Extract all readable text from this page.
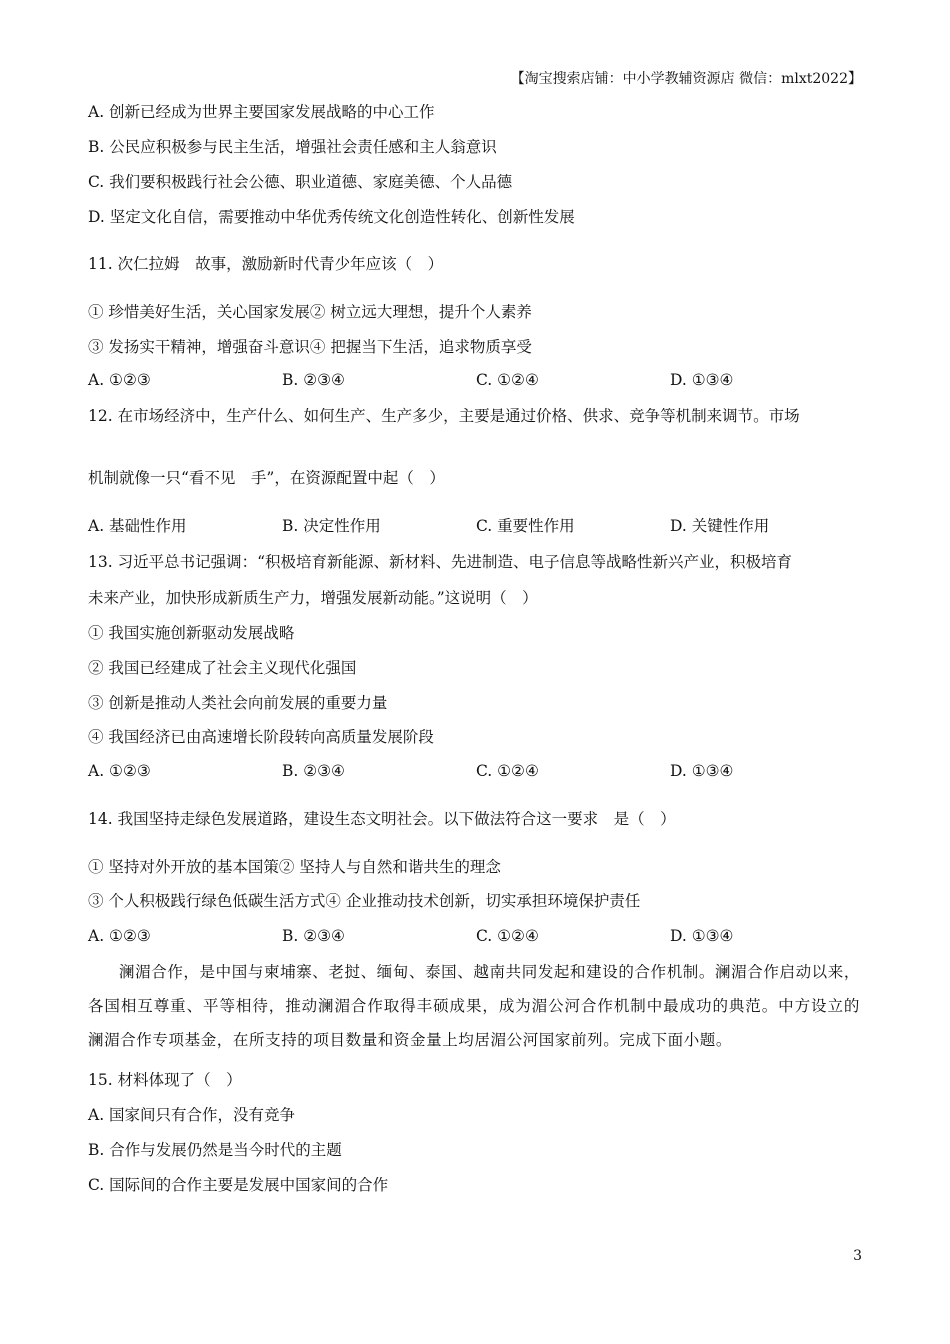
【淘宝搜索店铺：中小学教辅资源店 微信：mlxt2022】
A. 创新已经成为世界主要国家发展战略的中心工作
B. 公民应积极参与民主生活，增强社会责任感和主人翁意识
C. 我们要积极践行社会公德、职业道德、家庭美德、个人品德
D. 坚定文化自信，需要推动中华优秀传统文化创造性转化、创新性发展
11. 次仁拉姆　故事，激励新时代青少年应该（　）
① 珍惜美好生活，关心国家发展② 树立远大理想，提升个人素养
③ 发扬实干精神，增强奋斗意识④ 把握当下生活，追求物质享受
A. ①②③	B. ②③④	C. ①②④	D. ①③④
12. 在市场经济中，生产什么、如何生产、生产多少，主要是通过价格、供求、竞争等机制来调节。市场
机制就像一只“看不见　手”，在资源配置中起（　）
A. 基础性作用	B. 决定性作用	C. 重要性作用	D. 关键性作用
13. 习近平总书记强调：“积极培育新能源、新材料、先进制造、电子信息等战略性新兴产业，积极培育
未来产业，加快形成新质生产力，增强发展新动能。”这说明（　）
① 我国实施创新驱动发展战略
② 我国已经建成了社会主义现代化强国
③ 创新是推动人类社会向前发展的重要力量
④ 我国经济已由高速增长阶段转向高质量发展阶段
A. ①②③	B. ②③④	C. ①②④	D. ①③④
14. 我国坚持走绿色发展道路，建设生态文明社会。以下做法符合这一要求　是（　）
① 坚持对外开放的基本国策② 坚持人与自然和谐共生的理念
③ 个人积极践行绿色低碳生活方式④ 企业推动技术创新，切实承担环境保护责任
A. ①②③	B. ②③④	C. ①②④	D. ①③④

澜湄合作，是中国与柬埔寨、老挝、缅甸、泰国、越南共同发起和建设的合作机制。澜湄合作启动以来，各国相互尊重、平等相待，推动澜湄合作取得丰硕成果，成为湄公河合作机制中最成功的典范。中方设立的澜湄合作专项基金，在所支持的项目数量和资金量上均居湄公河国家前列。完成下面小题。

15. 材料体现了（　）
A. 国家间只有合作，没有竞争
B. 合作与发展仍然是当今时代的主题
C. 国际间的合作主要是发展中国家间的合作
3
